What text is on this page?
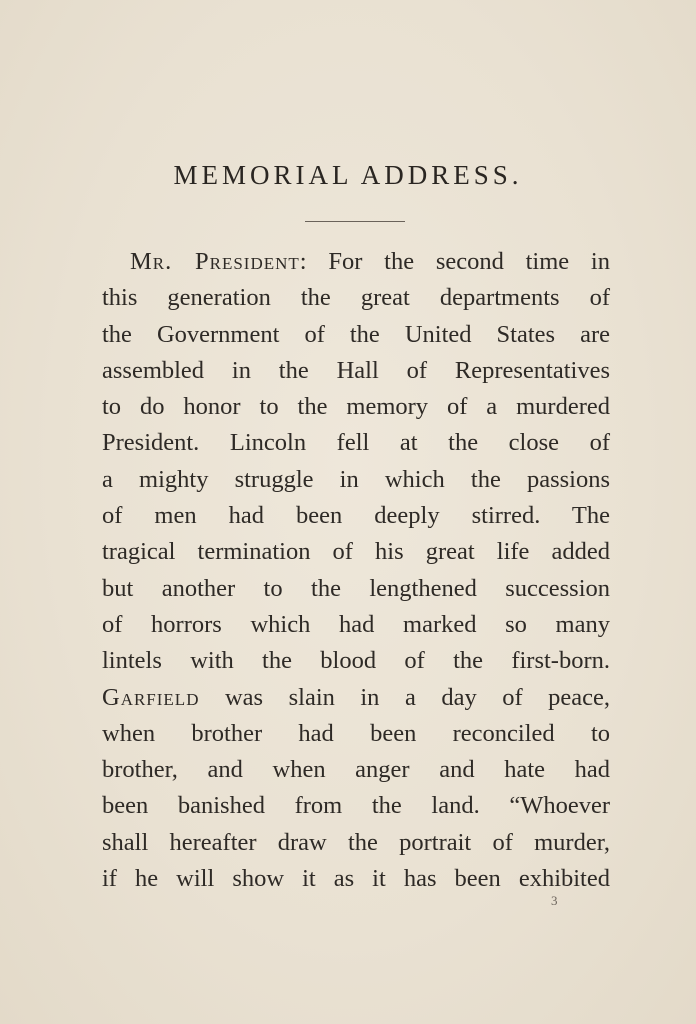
MEMORIAL ADDRESS.
Mr. President: For the second time in
this generation the great departments of
the Government of the United States are
assembled in the Hall of Representatives
to do honor to the memory of a murdered
President. Lincoln fell at the close of
a mighty struggle in which the passions
of men had been deeply stirred. The
tragical termination of his great life added
but another to the lengthened succession
of horrors which had marked so many
lintels with the blood of the first-born.
Garfield was slain in a day of peace,
when brother had been reconciled to
brother, and when anger and hate had
been banished from the land. “Whoever
shall hereafter draw the portrait of murder,
if he will show it as it has been exhibited
3
